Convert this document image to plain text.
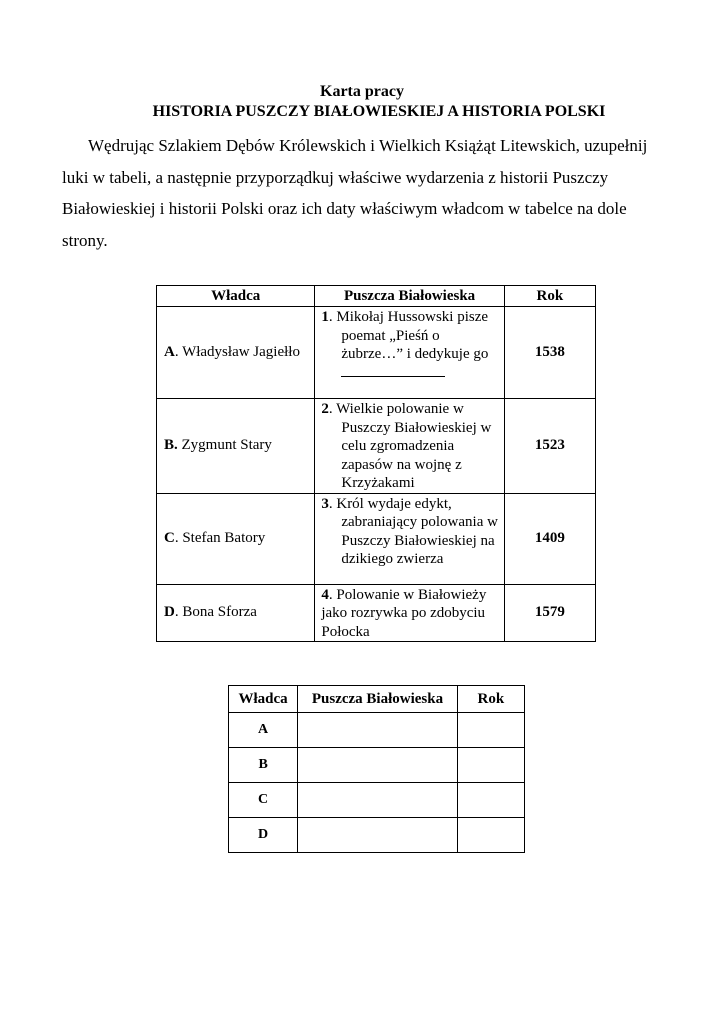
Karta pracy
HISTORIA PUSZCZY BIAŁOWIESKIEJ A HISTORIA POLSKI

Wędrując Szlakiem Dębów Królewskich i Wielkich Książąt Litewskich, uzupełnij luki w tabeli, a następnie przyporządkuj właściwe wydarzenia z historii Puszczy Białowieskiej i historii Polski oraz ich daty właściwym władcom w tabelce na dole strony.

Władca	Puszcza Białowieska	Rok
A. Władysław Jagiełło	1. Mikołaj Hussowski pisze poemat „Pieśń o żubrze…” i dedykuje go	1538
B. Zygmunt Stary	2. Wielkie polowanie w Puszczy Białowieskiej w celu zgromadzenia zapasów na wojnę z Krzyżakami	1523
C. Stefan Batory	3. Król wydaje edykt, zabraniający polowania w Puszczy Białowieskiej na dzikiego zwierza	1409
D. Bona Sforza	4. Polowanie w Białowieży jako rozrywka po zdobyciu Połocka	1579
Władca	Puszcza Białowieska	Rok
A		
B		
C		
D		
